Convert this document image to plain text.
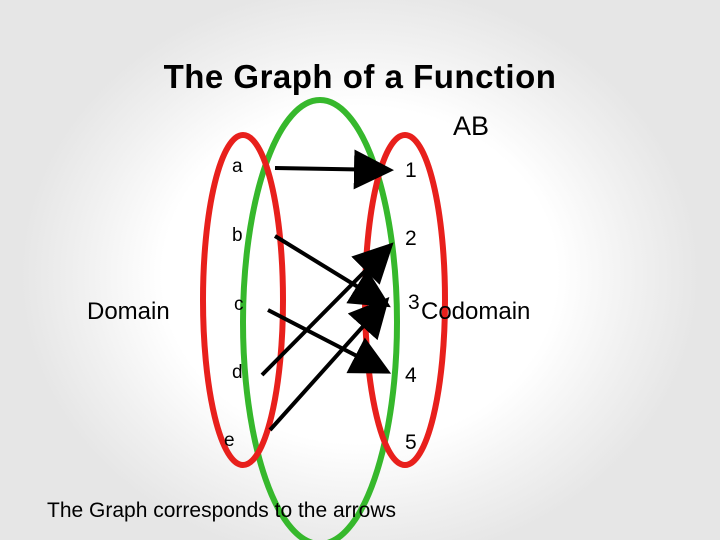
The Graph of a Function
AB
Domain
a
b
c
d
e
1
2
3
4
5
Codomain
The Graph corresponds to the arrows
